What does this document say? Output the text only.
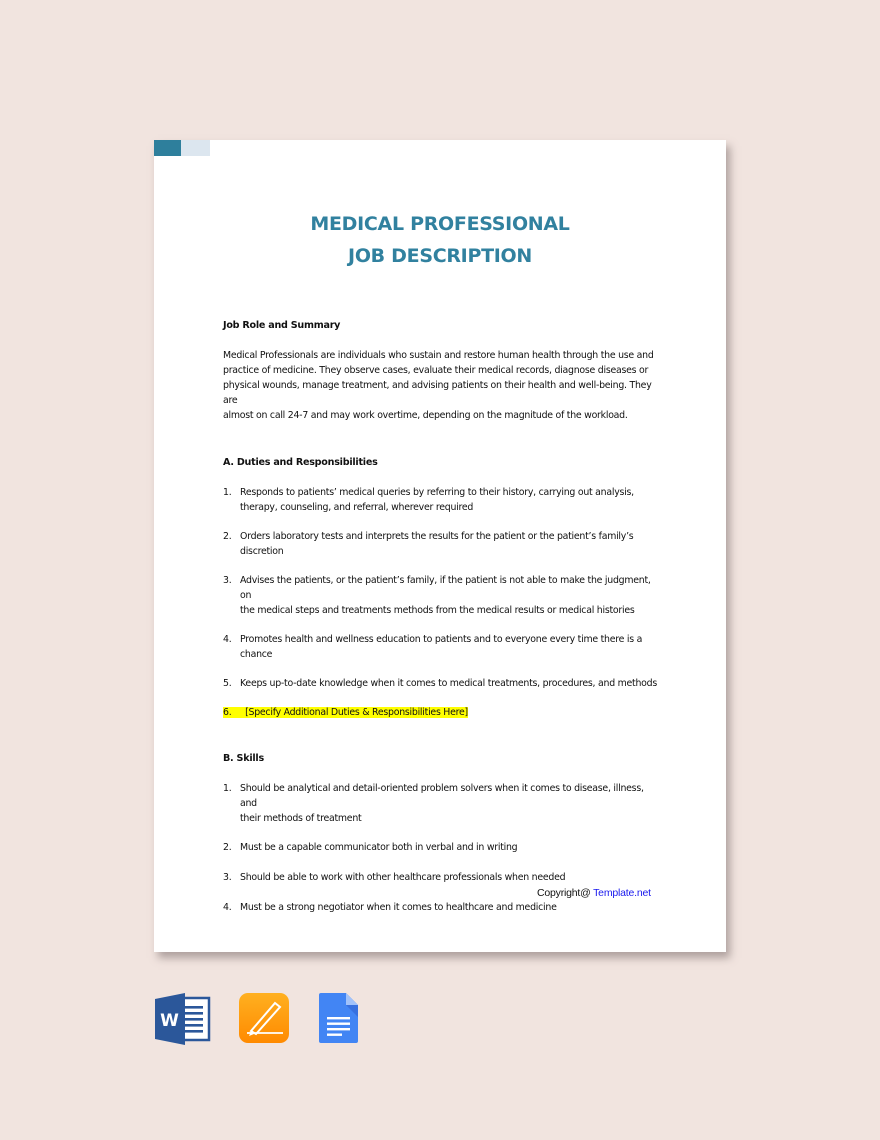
MEDICAL PROFESSIONAL
JOB DESCRIPTION

Job Role and Summary

Medical Professionals are individuals who sustain and restore human health through the use and
practice of medicine. They observe cases, evaluate their medical records, diagnose diseases or
physical wounds, manage treatment, and advising patients on their health and well-being. They are
almost on call 24-7 and may work overtime, depending on the magnitude of the workload.

A. Duties and Responsibilities

1. Responds to patients’ medical queries by referring to their history, carrying out analysis,
therapy, counseling, and referral, wherever required
2. Orders laboratory tests and interprets the results for the patient or the patient’s family’s
discretion
3. Advises the patients, or the patient’s family, if the patient is not able to make the judgment, on
the medical steps and treatments methods from the medical results or medical histories
4. Promotes health and wellness education to patients and to everyone every time there is a
chance
5. Keeps up-to-date knowledge when it comes to medical treatments, procedures, and methods
6. [Specify Additional Duties & Responsibilities Here]

B. Skills

1. Should be analytical and detail-oriented problem solvers when it comes to disease, illness, and
their methods of treatment
2. Must be a capable communicator both in verbal and in writing
3. Should be able to work with other healthcare professionals when needed
4. Must be a strong negotiator when it comes to healthcare and medicine
Copyright@ Template.net
W
